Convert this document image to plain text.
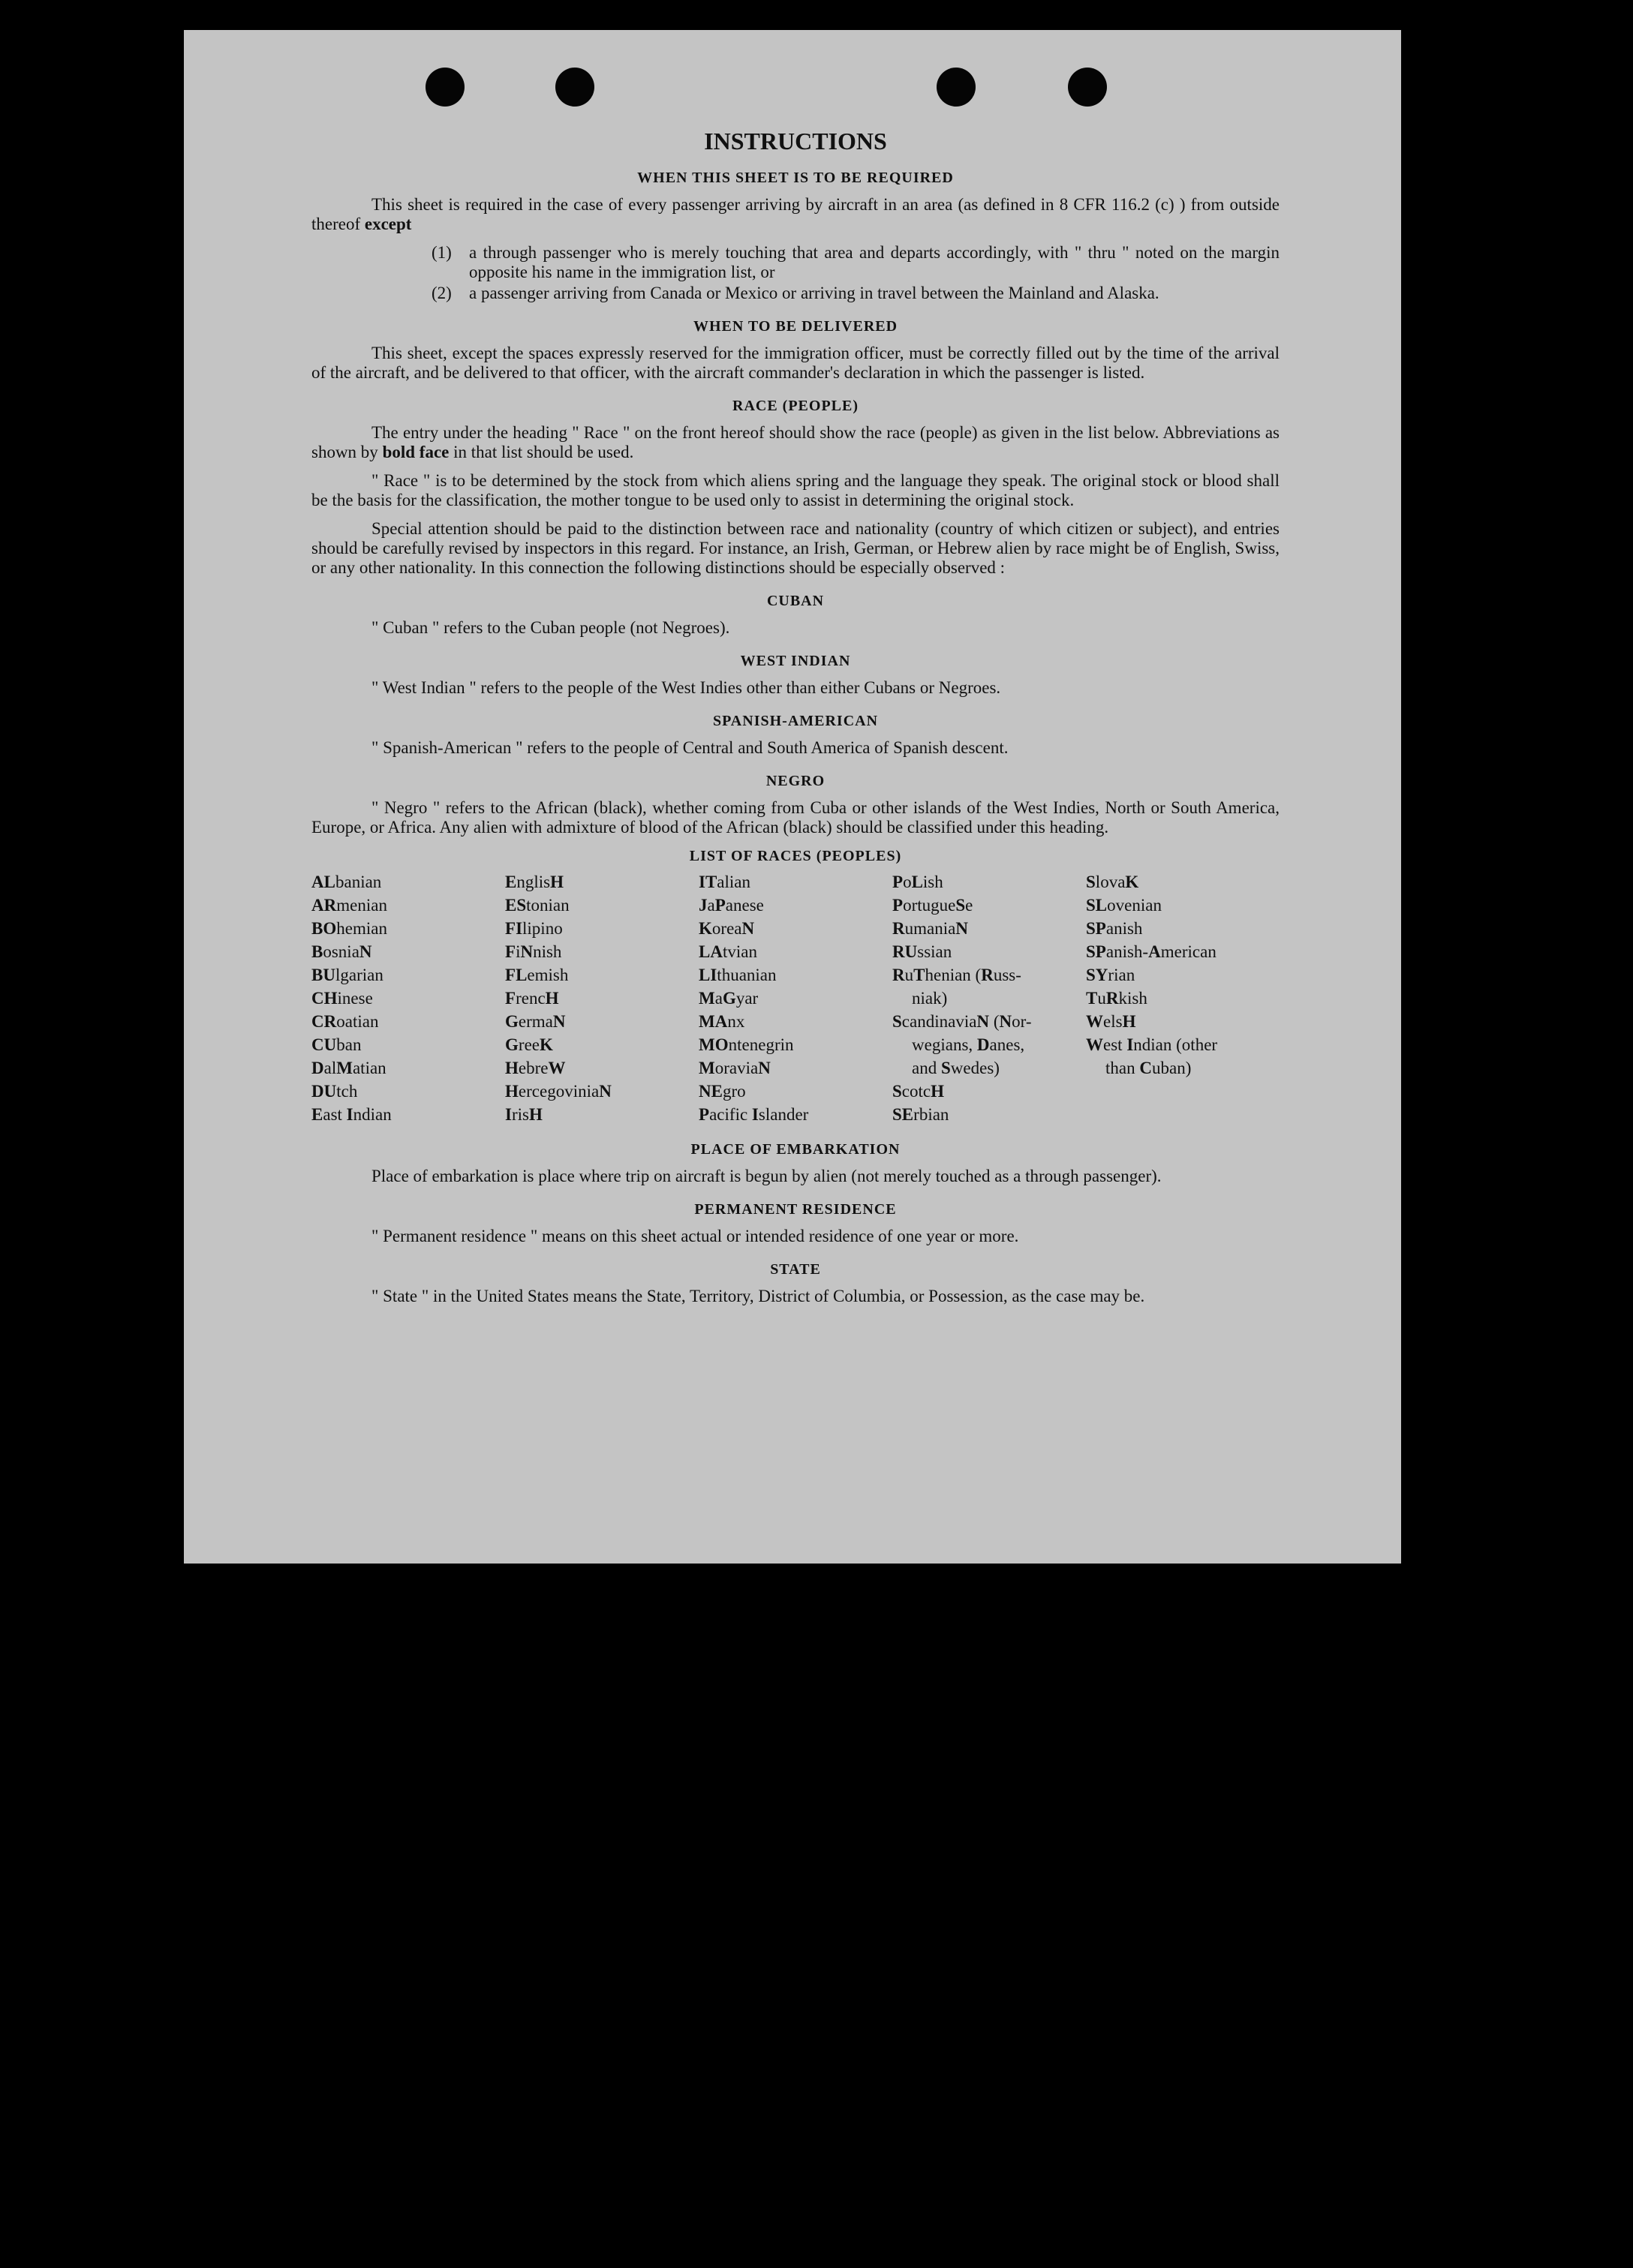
INSTRUCTIONS
WHEN THIS SHEET IS TO BE REQUIRED

This sheet is required in the case of every passenger arriving by aircraft in an area (as defined in 8 CFR 116.2 (c) ) from outside thereof except

(1)	a through passenger who is merely touching that area and departs accordingly, with " thru " noted on the margin opposite his name in the immigration list, or
(2)	a passenger arriving from Canada or Mexico or arriving in travel between the Mainland and Alaska.
WHEN TO BE DELIVERED

This sheet, except the spaces expressly reserved for the immigration officer, must be correctly filled out by the time of the arrival of the aircraft, and be delivered to that officer, with the aircraft commander's declaration in which the passenger is listed.

RACE (PEOPLE)

The entry under the heading " Race " on the front hereof should show the race (people) as given in the list below. Abbreviations as shown by bold face in that list should be used.

" Race " is to be determined by the stock from which aliens spring and the language they speak. The original stock or blood shall be the basis for the classification, the mother tongue to be used only to assist in determining the original stock.

Special attention should be paid to the distinction between race and nationality (country of which citizen or subject), and entries should be carefully revised by inspectors in this regard. For instance, an Irish, German, or Hebrew alien by race might be of English, Swiss, or any other nationality. In this connection the following distinctions should be especially observed :

CUBAN

" Cuban " refers to the Cuban people (not Negroes).

WEST INDIAN

" West Indian " refers to the people of the West Indies other than either Cubans or Negroes.

SPANISH-AMERICAN

" Spanish-American " refers to the people of Central and South America of Spanish descent.

NEGRO

" Negro " refers to the African (black), whether coming from Cuba or other islands of the West Indies, North or South America, Europe, or Africa. Any alien with admixture of blood of the African (black) should be classified under this heading.

LIST OF RACES (PEOPLES)
ALbanian
ARmenian
BOhemian
BosniaN
BUlgarian
CHinese
CRoatian
CUban
DalMatian
DUtch
East Indian
EnglisH
EStonian
FIlipino
FiNnish
FLemish
FrencH
GermaN
GreeK
HebreW
HercegoviniaN
IrisH
ITalian
JaPanese
KoreaN
LAtvian
LIthuanian
MaGyar
MAnx
MOntenegrin
MoraviaN
NEgro
Pacific Islander
PoLish
PortugueSe
RumaniaN
RUssian
RuThenian (Russ-
niak)
ScandinaviaN (Nor-
wegians, Danes,
and Swedes)
ScotcH
SErbian
SlovaK
SLovenian
SPanish
SPanish-American
SYrian
TuRkish
WelsH
West Indian (other
than Cuban)
PLACE OF EMBARKATION

Place of embarkation is place where trip on aircraft is begun by alien (not merely touched as a through passenger).

PERMANENT RESIDENCE

" Permanent residence " means on this sheet actual or intended residence of one year or more.

STATE

" State " in the United States means the State, Territory, District of Columbia, or Possession, as the case may be.
